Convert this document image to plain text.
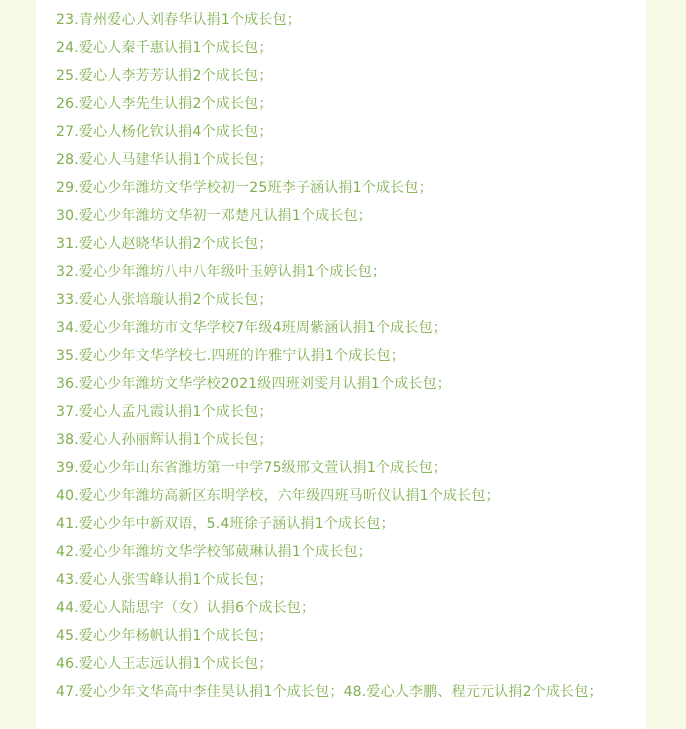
23.青州爱心人刘春华认捐1个成长包；
24.爱心人秦千惠认捐1个成长包；
25.爱心人李芳芳认捐2个成长包；
26.爱心人李先生认捐2个成长包；
27.爱心人杨化钦认捐4个成长包；
28.爱心人马建华认捐1个成长包；
29.爱心少年潍坊文华学校初一25班李子涵认捐1个成长包；
30.爱心少年潍坊文华初一邓楚凡认捐1个成长包；
31.爱心人赵晓华认捐2个成长包；
32.爱心少年潍坊八中八年级叶玉婷认捐1个成长包；
33.爱心人张培璇认捐2个成长包；
34.爱心少年潍坊市文华学校7年级4班周紫涵认捐1个成长包；
35.爱心少年文华学校七.四班的许雅宁认捐1个成长包；
36.爱心少年潍坊文华学校2021级四班刘雯月认捐1个成长包；
37.爱心人孟凡霞认捐1个成长包；
38.爱心人孙丽辉认捐1个成长包；
39.爱心少年山东省潍坊第一中学75级邢文萱认捐1个成长包；
40.爱心少年潍坊高新区东明学校，六年级四班马昕仪认捐1个成长包；
41.爱心少年中新双语，5.4班徐子涵认捐1个成长包；
42.爱心少年潍坊文华学校邹葳琳认捐1个成长包；
43.爱心人张雪峰认捐1个成长包；
44.爱心人陆思宇（女）认捐6个成长包；
45.爱心少年杨帆认捐1个成长包；
46.爱心人王志远认捐1个成长包；
47.爱心少年文华高中李佳昊认捐1个成长包；48.爱心人李鹏、程元元认捐2个成长包；
